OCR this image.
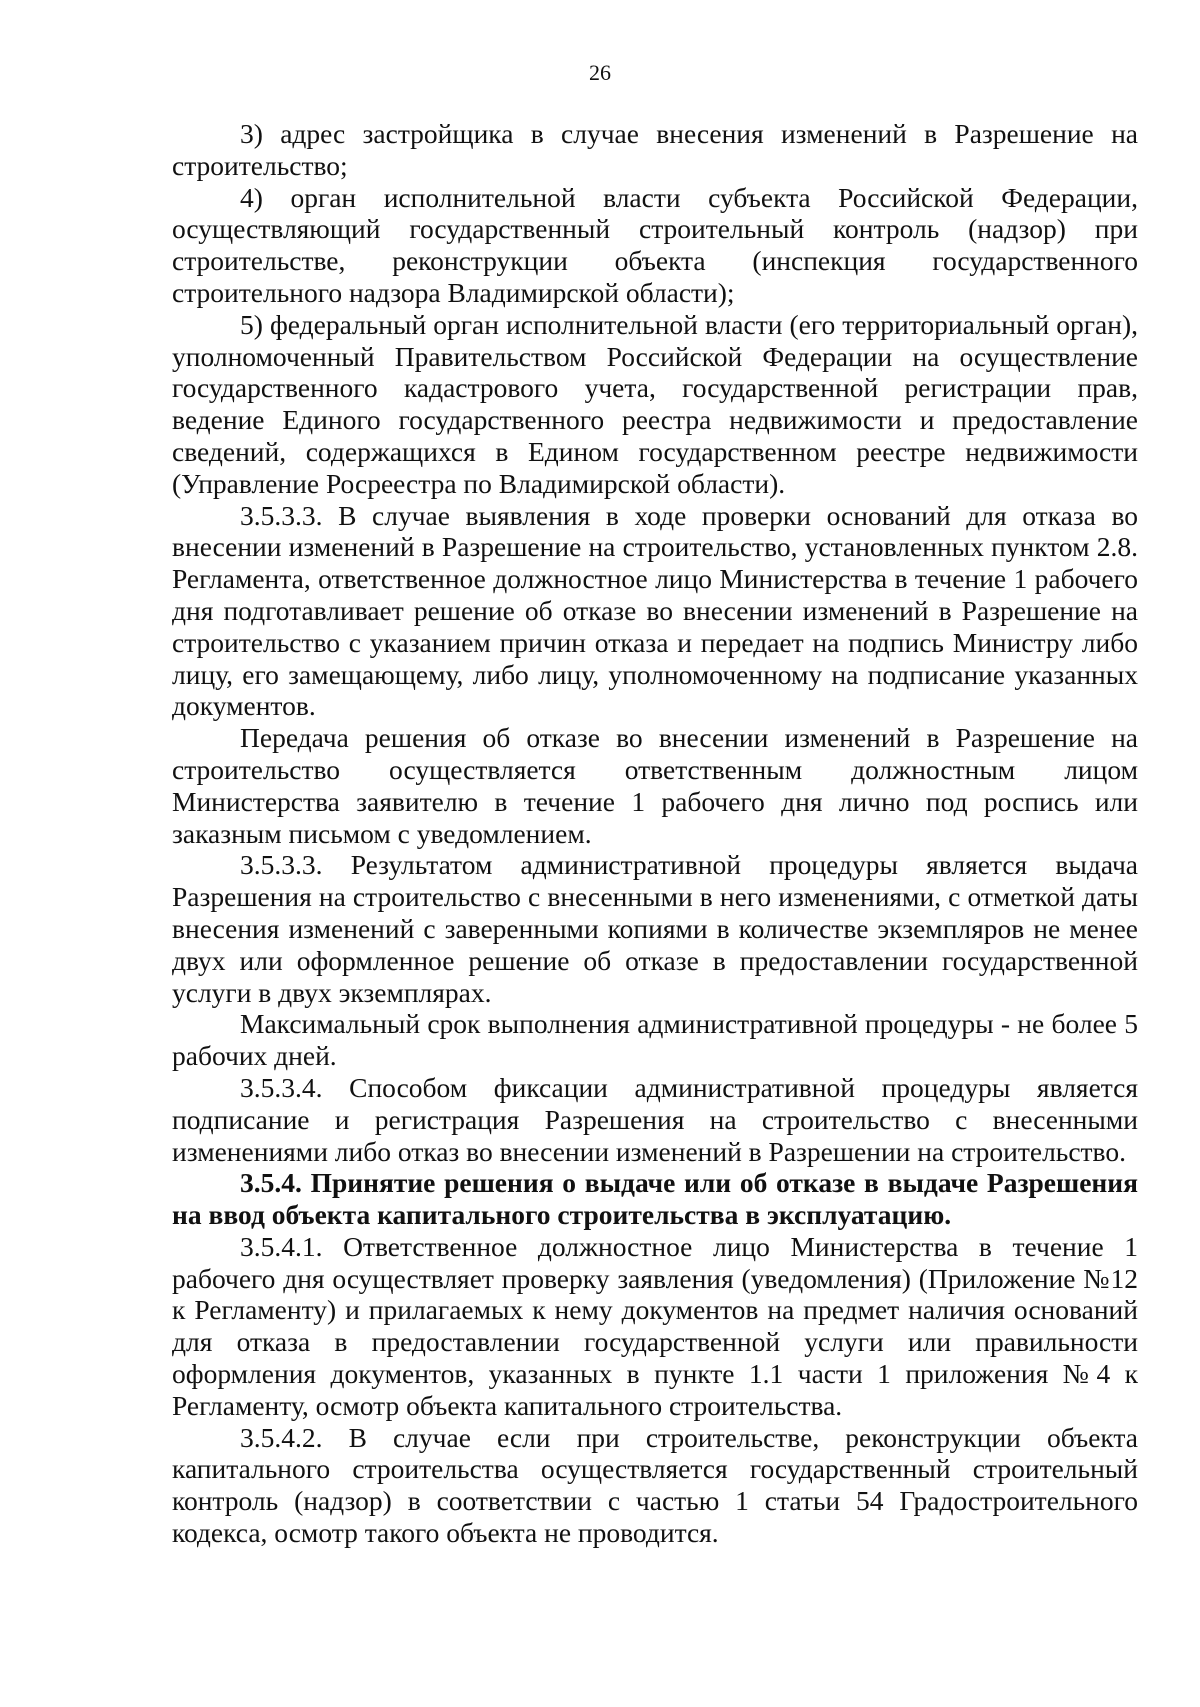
26

3) адрес застройщика в случае внесения изменений в Разрешение на строительство;

4) орган исполнительной власти субъекта Российской Федерации, осуществляющий государственный строительный контроль (надзор) при строительстве, реконструкции объекта (инспекция государственного строительного надзора Владимирской области);

5) федеральный орган исполнительной власти (его территориальный орган), уполномоченный Правительством Российской Федерации на осуществление государственного кадастрового учета, государственной регистрации прав, ведение Единого государственного реестра недвижимости и предоставление сведений, содержащихся в Едином государственном реестре недвижимости (Управление Росреестра по Владимирской области).

3.5.3.3. В случае выявления в ходе проверки оснований для отказа во внесении изменений в Разрешение на строительство, установленных пунктом 2.8. Регламента, ответственное должностное лицо Министерства в течение 1 рабочего дня подготавливает решение об отказе во внесении изменений в Разрешение на строительство с указанием причин отказа и передает на подпись Министру либо лицу, его замещающему, либо лицу, уполномоченному на подписание указанных документов.

Передача решения об отказе во внесении изменений в Разрешение на строительство осуществляется ответственным должностным лицом Министерства заявителю в течение 1 рабочего дня лично под роспись или заказным письмом с уведомлением.

3.5.3.3. Результатом административной процедуры является выдача Разрешения на строительство с внесенными в него изменениями, с отметкой даты внесения изменений с заверенными копиями в количестве экземпляров не менее двух или оформленное решение об отказе в предоставлении государственной услуги в двух экземплярах.

Максимальный срок выполнения административной процедуры - не более 5 рабочих дней.

3.5.3.4. Способом фиксации административной процедуры является подписание и регистрация Разрешения на строительство с внесенными изменениями либо отказ во внесении изменений в Разрешении на строительство.

3.5.4. Принятие решения о выдаче или об отказе в выдаче Разрешения на ввод объекта капитального строительства в эксплуатацию.

3.5.4.1. Ответственное должностное лицо Министерства в течение 1 рабочего дня осуществляет проверку заявления (уведомления) (Приложение №12 к Регламенту) и прилагаемых к нему документов на предмет наличия оснований для отказа в предоставлении государственной услуги или правильности оформления документов, указанных в пункте 1.1 части 1 приложения №4 к Регламенту, осмотр объекта капитального строительства.

3.5.4.2. В случае если при строительстве, реконструкции объекта капитального строительства осуществляется государственный строительный контроль (надзор) в соответствии с частью 1 статьи 54 Градостроительного кодекса, осмотр такого объекта не проводится.
